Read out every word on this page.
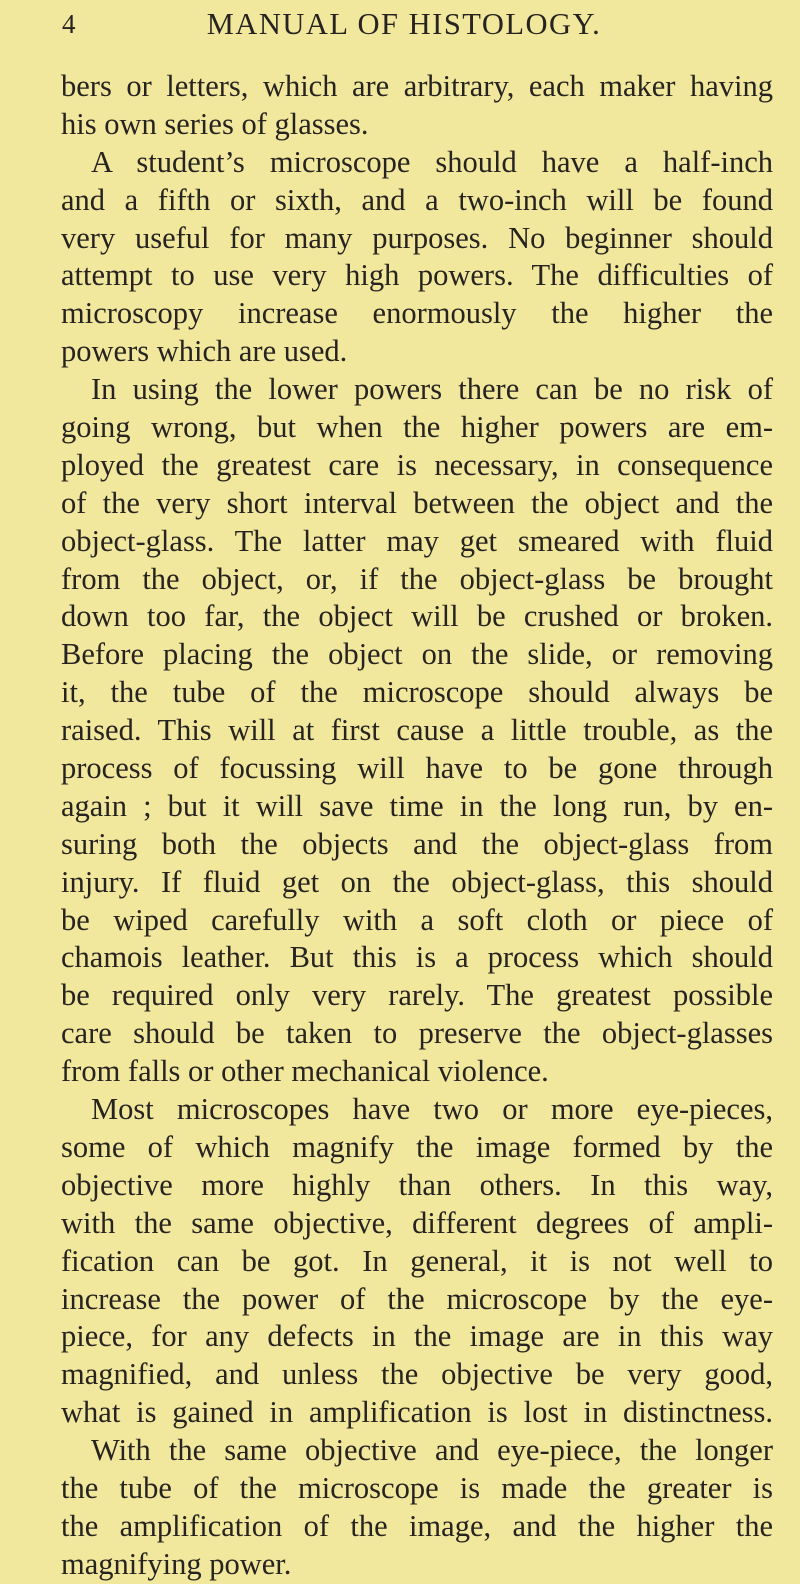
4	MANUAL OF HISTOLOGY.
bers or letters, which are arbitrary, each maker having
his own series of glasses.
A student’s microscope should have a half-inch
and a fifth or sixth, and a two-inch will be found
very useful for many purposes. No beginner should
attempt to use very high powers. The difficulties of
microscopy increase enormously the higher the
powers which are used.
In using the lower powers there can be no risk of
going wrong, but when the higher powers are em-
ployed the greatest care is necessary, in consequence
of the very short interval between the object and the
object-glass. The latter may get smeared with fluid
from the object, or, if the object-glass be brought
down too far, the object will be crushed or broken.
Before placing the object on the slide, or removing
it, the tube of the microscope should always be
raised. This will at first cause a little trouble, as the
process of focussing will have to be gone through
again ; but it will save time in the long run, by en-
suring both the objects and the object-glass from
injury. If fluid get on the object-glass, this should
be wiped carefully with a soft cloth or piece of
chamois leather. But this is a process which should
be required only very rarely. The greatest possible
care should be taken to preserve the object-glasses
from falls or other mechanical violence.
Most microscopes have two or more eye-pieces,
some of which magnify the image formed by the
objective more highly than others. In this way,
with the same objective, different degrees of ampli-
fication can be got. In general, it is not well to
increase the power of the microscope by the eye-
piece, for any defects in the image are in this way
magnified, and unless the objective be very good,
what is gained in amplification is lost in distinctness.
With the same objective and eye-piece, the longer
the tube of the microscope is made the greater is
the amplification of the image, and the higher the
magnifying power.
